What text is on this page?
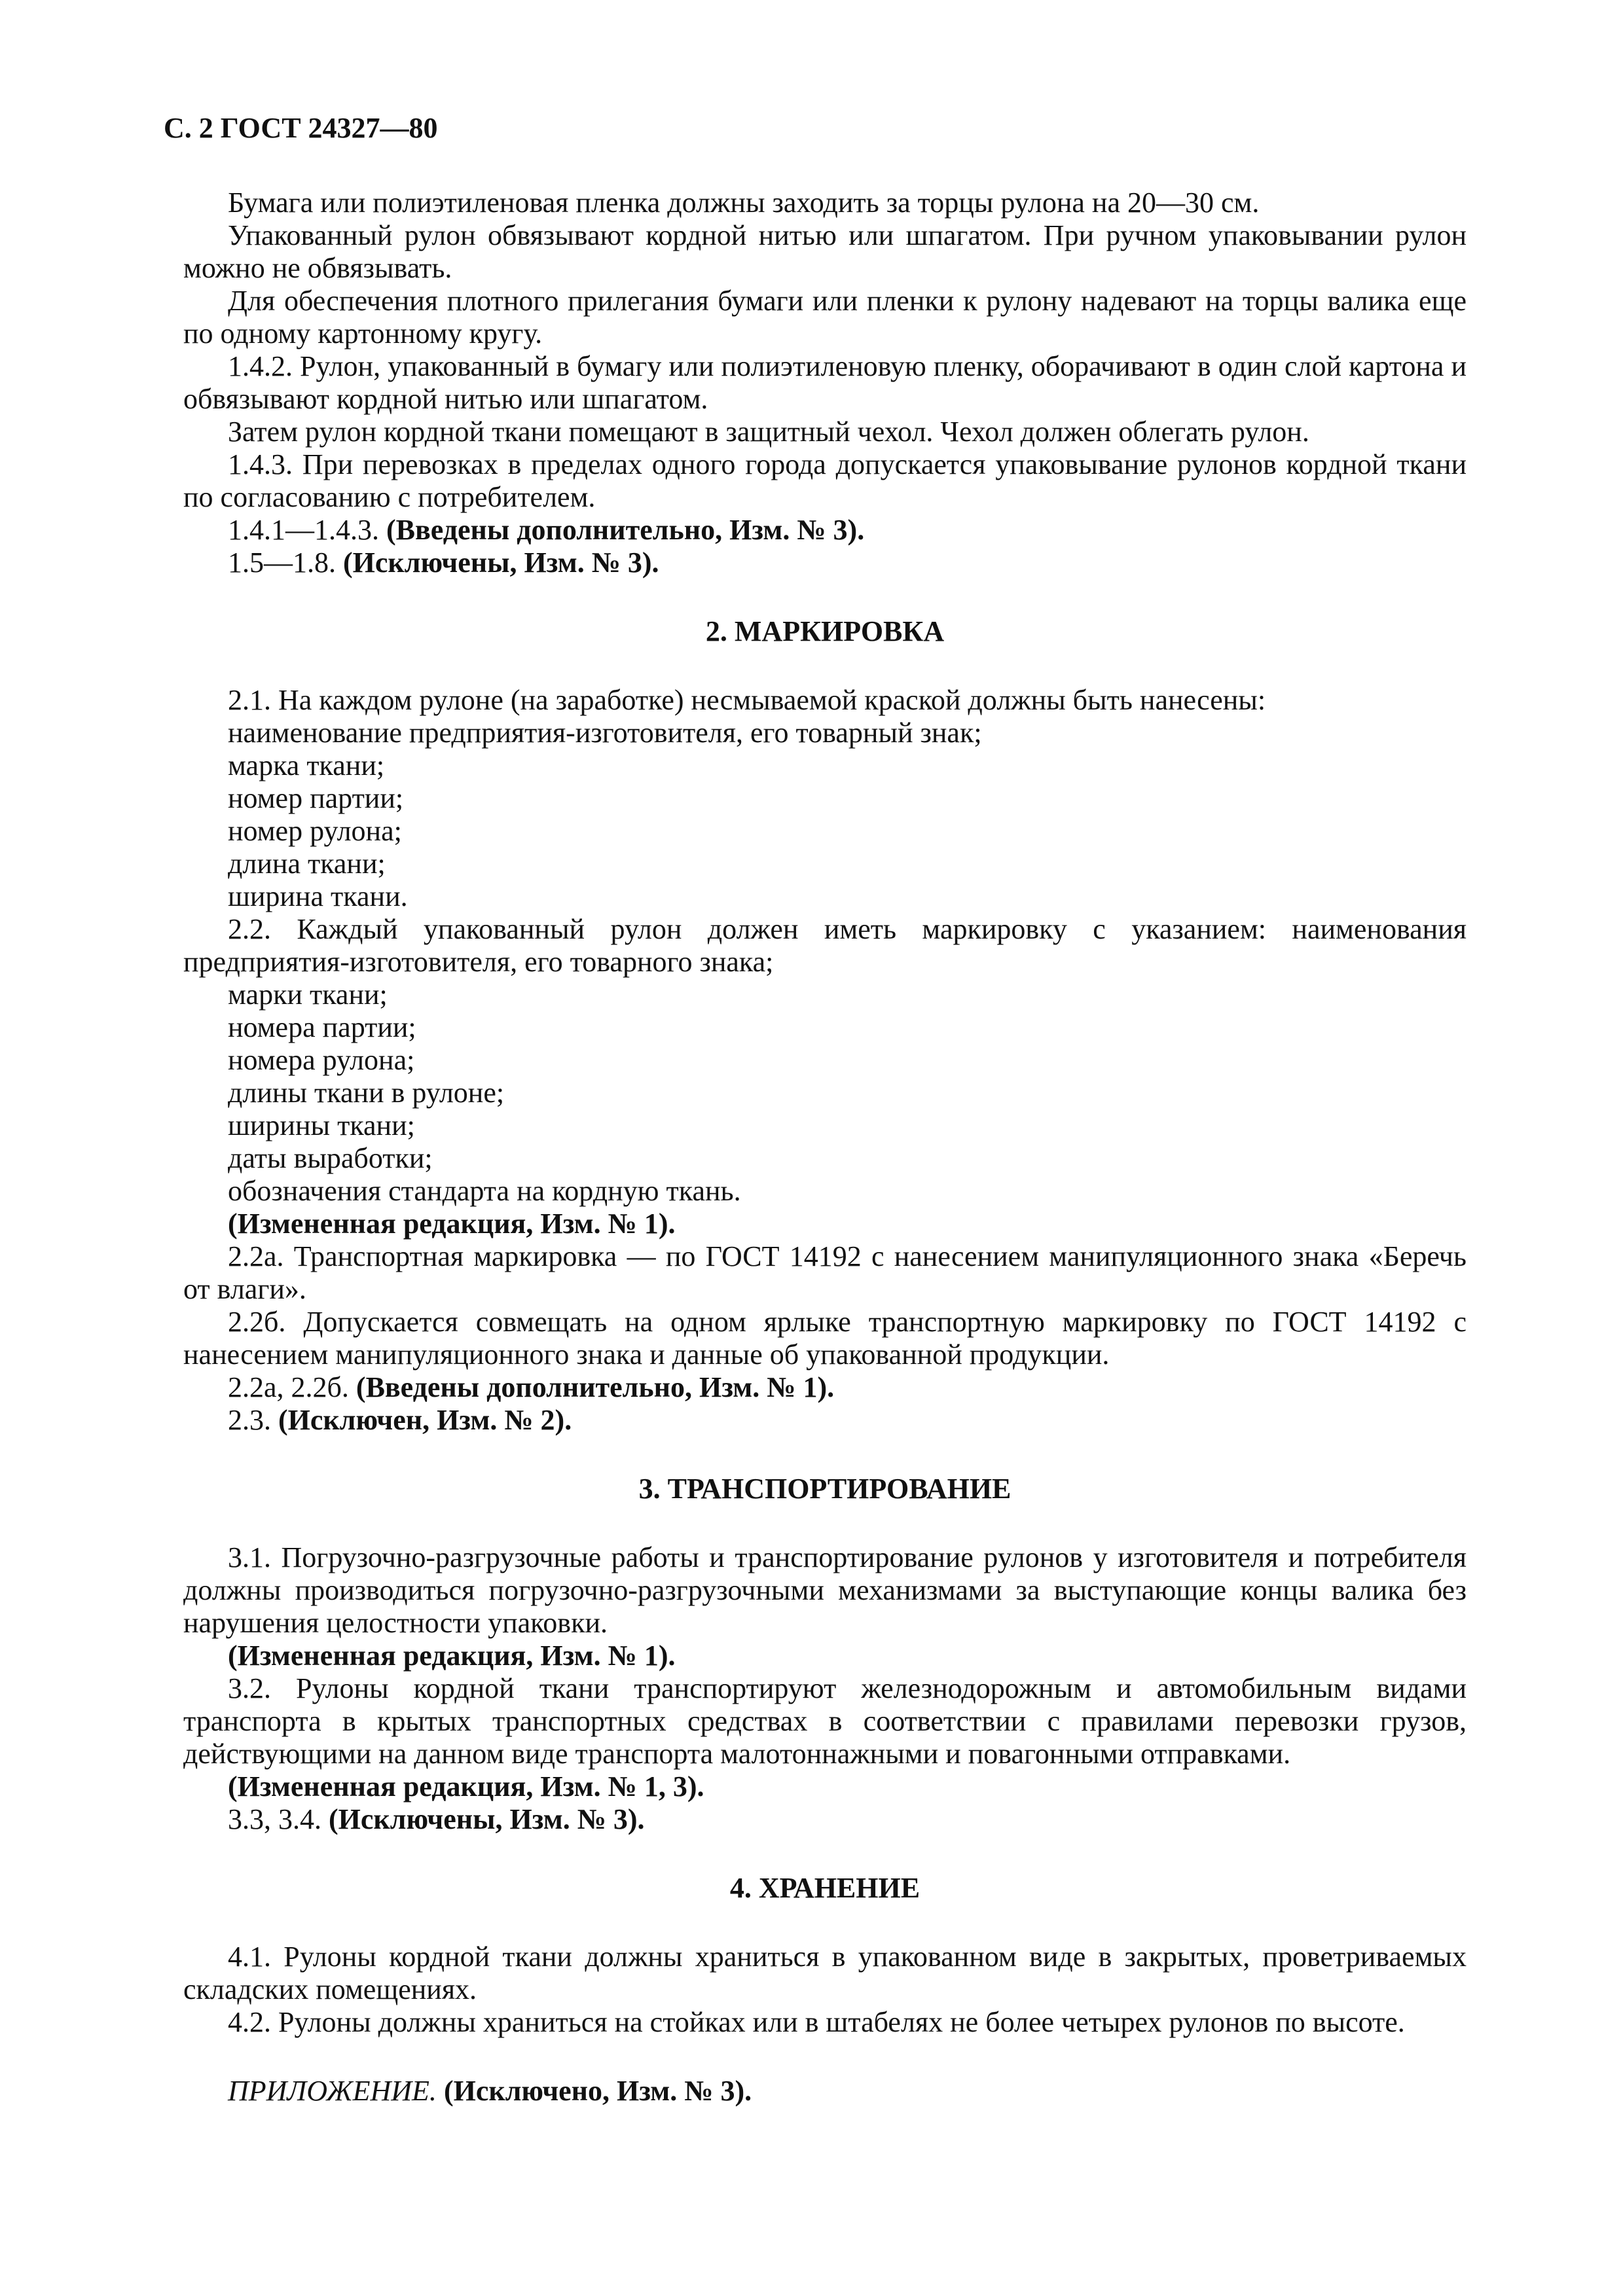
С. 2 ГОСТ 24327—80

Бумага или полиэтиленовая пленка должны заходить за торцы рулона на 20—30 см.

Упакованный рулон обвязывают кордной нитью или шпагатом. При ручном упаковывании рулон можно не обвязывать.

Для обеспечения плотного прилегания бумаги или пленки к рулону надевают на торцы валика еще по одному картонному кругу.

1.4.2. Рулон, упакованный в бумагу или полиэтиленовую пленку, оборачивают в один слой картона и обвязывают кордной нитью или шпагатом.

Затем рулон кордной ткани помещают в защитный чехол. Чехол должен облегать рулон.

1.4.3. При перевозках в пределах одного города допускается упаковывание рулонов кордной ткани по согласованию с потребителем.

1.4.1—1.4.3. (Введены дополнительно, Изм. № 3).

1.5—1.8. (Исключены, Изм. № 3).

2. МАРКИРОВКА

2.1. На каждом рулоне (на заработке) несмываемой краской должны быть нанесены:

наименование предприятия-изготовителя, его товарный знак;
марка ткани;
номер партии;
номер рулона;
длина ткани;
ширина ткани.

2.2. Каждый упакованный рулон должен иметь маркировку с указанием: наименования предприятия-изготовителя, его товарного знака;

марки ткани;
номера партии;
номера рулона;
длины ткани в рулоне;
ширины ткани;
даты выработки;
обозначения стандарта на кордную ткань.

(Измененная редакция, Изм. № 1).

2.2а. Транспортная маркировка — по ГОСТ 14192 с нанесением манипуляционного знака «Беречь от влаги».

2.2б. Допускается совмещать на одном ярлыке транспортную маркировку по ГОСТ 14192 с нанесением манипуляционного знака и данные об упакованной продукции.

2.2а, 2.2б. (Введены дополнительно, Изм. № 1).

2.3. (Исключен, Изм. № 2).

3. ТРАНСПОРТИРОВАНИЕ

3.1. Погрузочно-разгрузочные работы и транспортирование рулонов у изготовителя и потребителя должны производиться погрузочно-разгрузочными механизмами за выступающие концы валика без нарушения целостности упаковки.

(Измененная редакция, Изм. № 1).

3.2. Рулоны кордной ткани транспортируют железнодорожным и автомобильным видами транспорта в крытых транспортных средствах в соответствии с правилами перевозки грузов, действующими на данном виде транспорта малотоннажными и повагонными отправками.

(Измененная редакция, Изм. № 1, 3).

3.3, 3.4. (Исключены, Изм. № 3).

4. ХРАНЕНИЕ

4.1. Рулоны кордной ткани должны храниться в упакованном виде в закрытых, проветриваемых складских помещениях.

4.2. Рулоны должны храниться на стойках или в штабелях не более четырех рулонов по высоте.

ПРИЛОЖЕНИЕ. (Исключено, Изм. № 3).
